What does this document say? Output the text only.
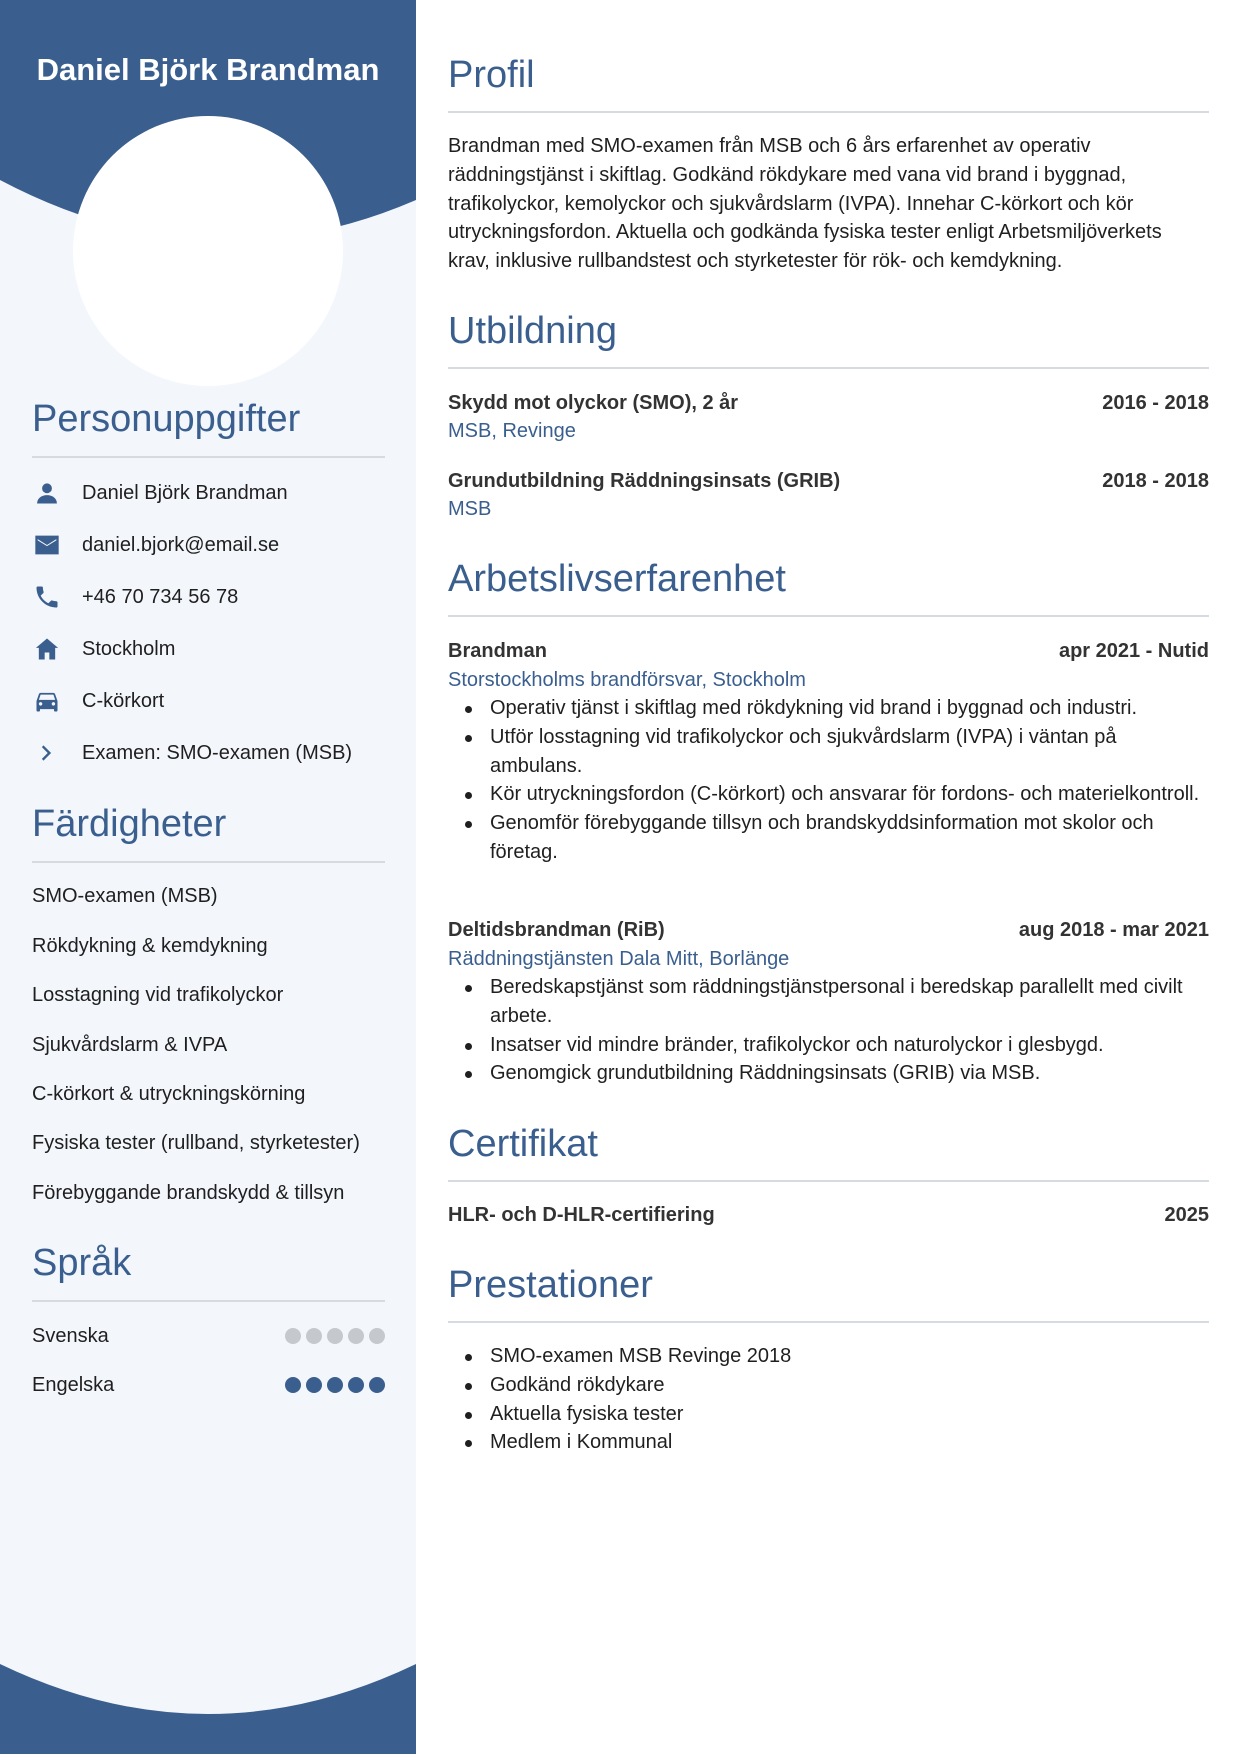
Daniel Björk Brandman
Personuppgifter
Daniel Björk Brandman
daniel.bjork@email.se
+46 70 734 56 78
Stockholm
C-körkort
Examen: SMO-examen (MSB)
Färdigheter
SMO-examen (MSB)
Rökdykning & kemdykning
Losstagning vid trafikolyckor
Sjukvårdslarm & IVPA
C-körkort & utryckningskörning
Fysiska tester (rullband, styrketester)
Förebyggande brandskydd & tillsyn
Språk
Svenska
Engelska
Profil
Brandman med SMO-examen från MSB och 6 års erfarenhet av operativ räddningstjänst i skiftlag. Godkänd rökdykare med vana vid brand i byggnad, trafikolyckor, kemolyckor och sjukvårdslarm (IVPA). Innehar C-körkort och kör utryckningsfordon. Aktuella och godkända fysiska tester enligt Arbetsmiljöverkets krav, inklusive rullbandstest och styrketester för rök- och kemdykning.
Utbildning
Skydd mot olyckor (SMO), 2 år	2016 - 2018
MSB, Revinge
Grundutbildning Räddningsinsats (GRIB)	2018 - 2018
MSB
Arbetslivserfarenhet
Brandman	apr 2021 - Nutid
Storstockholms brandförsvar, Stockholm
Operativ tjänst i skiftlag med rökdykning vid brand i byggnad och industri.
Utför losstagning vid trafikolyckor och sjukvårdslarm (IVPA) i väntan på ambulans.
Kör utryckningsfordon (C-körkort) och ansvarar för fordons- och materielkontroll.
Genomför förebyggande tillsyn och brandskyddsinformation mot skolor och företag.
Deltidsbrandman (RiB)	aug 2018 - mar 2021
Räddningstjänsten Dala Mitt, Borlänge
Beredskapstjänst som räddningstjänstpersonal i beredskap parallellt med civilt arbete.
Insatser vid mindre bränder, trafikolyckor och naturolyckor i glesbygd.
Genomgick grundutbildning Räddningsinsats (GRIB) via MSB.
Certifikat
HLR- och D-HLR-certifiering	2025
Prestationer
SMO-examen MSB Revinge 2018
Godkänd rökdykare
Aktuella fysiska tester
Medlem i Kommunal
